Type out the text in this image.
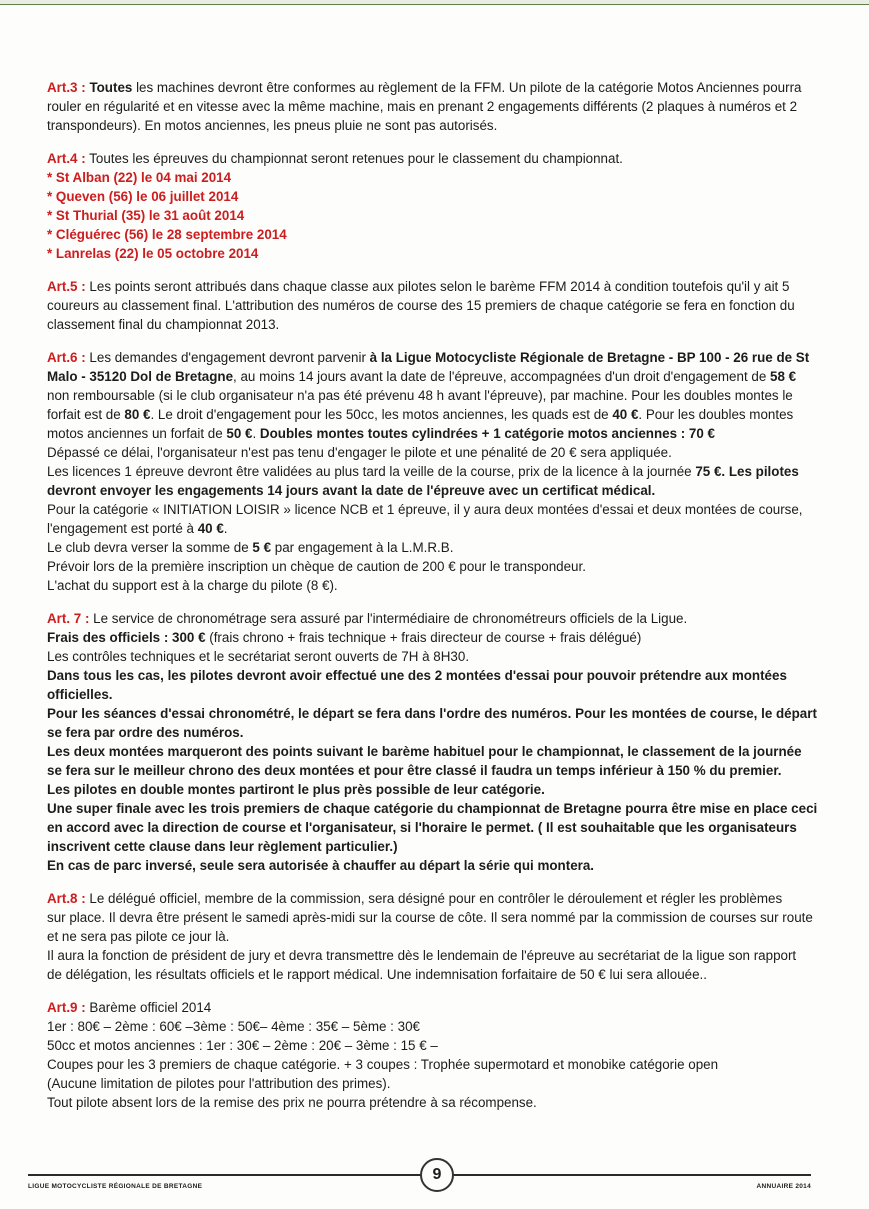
Art.3 : Toutes les machines devront être conformes au règlement de la FFM. Un pilote de la catégorie Motos Anciennes pourra
rouler en régularité et en vitesse avec la même machine, mais en prenant 2 engagements différents (2 plaques à numéros et 2
transpondeurs). En motos anciennes, les pneus pluie ne sont pas autorisés.
Art.4 : Toutes les épreuves du championnat seront retenues pour le classement du championnat.
* St Alban (22) le 04 mai 2014
* Queven (56) le 06 juillet 2014
* St Thurial (35) le 31 août 2014
* Cléguérec (56) le 28 septembre 2014
* Lanrelas (22) le 05 octobre 2014
Art.5 : Les points seront attribués dans chaque classe aux pilotes selon le barème FFM 2014 à condition toutefois qu'il y ait 5
coureurs au classement final. L'attribution des numéros de course des 15 premiers de chaque catégorie se fera en fonction du
classement final du championnat 2013.
Art.6 : Les demandes d'engagement devront parvenir à la Ligue Motocycliste Régionale de Bretagne - BP 100 - 26 rue de St
Malo - 35120 Dol de Bretagne, au moins 14 jours avant la date de l'épreuve, accompagnées d'un droit d'engagement de 58 €
non remboursable (si le club organisateur n'a pas été prévenu 48 h avant l'épreuve), par machine. Pour les doubles montes le
forfait est de 80 €. Le droit d'engagement pour les 50cc, les motos anciennes, les quads est de 40 €. Pour les doubles montes
motos anciennes un forfait de 50 €. Doubles montes toutes cylindrées + 1 catégorie motos anciennes : 70 €
Dépassé ce délai, l'organisateur n'est pas tenu d'engager le pilote et une pénalité de 20 € sera appliquée.
Les licences 1 épreuve devront être validées au plus tard la veille de la course, prix de la licence à la journée 75 €. Les pilotes
devront envoyer les engagements 14 jours avant la date de l'épreuve avec un certificat médical.
Pour la catégorie « INITIATION LOISIR » licence NCB et 1 épreuve, il y aura deux montées d'essai et deux montées de course,
l'engagement est porté à 40 €.
Le club devra verser la somme de 5 € par engagement à la L.M.R.B.
Prévoir lors de la première inscription un chèque de caution de 200 € pour le transpondeur.
L'achat du support est à la charge du pilote (8 €).
Art. 7 : Le service de chronométrage sera assuré par l'intermédiaire de chronométreurs officiels de la Ligue.
Frais des officiels : 300 € (frais chrono + frais technique + frais directeur de course + frais délégué)
Les contrôles techniques et le secrétariat seront ouverts de 7H à 8H30.
Dans tous les cas, les pilotes devront avoir effectué une des 2 montées d'essai pour pouvoir prétendre aux montées
officielles.
Pour les séances d'essai chronométré, le départ se fera dans l'ordre des numéros. Pour les montées de course, le départ
se fera par ordre des numéros.
Les deux montées marqueront des points suivant le barème habituel pour le championnat, le classement de la journée
se fera sur le meilleur chrono des deux montées et pour être classé il faudra un temps inférieur à 150 % du premier.
Les pilotes en double montes partiront le plus près possible de leur catégorie.
Une super finale avec les trois premiers de chaque catégorie du championnat de Bretagne pourra être mise en place ceci
en accord avec la direction de course et l'organisateur, si l'horaire le permet. ( Il est souhaitable que les organisateurs
inscrivent cette clause dans leur règlement particulier.)
En cas de parc inversé, seule sera autorisée à chauffer au départ la série qui montera.
Art.8 : Le délégué officiel, membre de la commission, sera désigné pour en contrôler le déroulement et régler les problèmes
sur place. Il devra être présent le samedi après-midi sur la course de côte. Il sera nommé par la commission de courses sur route
et ne sera pas pilote ce jour là.
Il aura la fonction de président de jury et devra transmettre dès le lendemain de l'épreuve au secrétariat de la ligue son rapport
de délégation, les résultats officiels et le rapport médical. Une indemnisation forfaitaire de 50 € lui sera allouée..
Art.9 : Barème officiel 2014
1er : 80€ – 2ème : 60€ –3ème : 50€– 4ème : 35€ – 5ème : 30€
50cc et motos anciennes : 1er : 30€ – 2ème : 20€ – 3ème : 15 € –
Coupes pour les 3 premiers de chaque catégorie. + 3 coupes : Trophée supermotard et monobike catégorie open
(Aucune limitation de pilotes pour l'attribution des primes).
Tout pilote absent lors de la remise des prix ne pourra prétendre à sa récompense.
9
LIGUE MOTOCYCLISTE RÉGIONALE DE BRETAGNE	ANNUAIRE 2014
